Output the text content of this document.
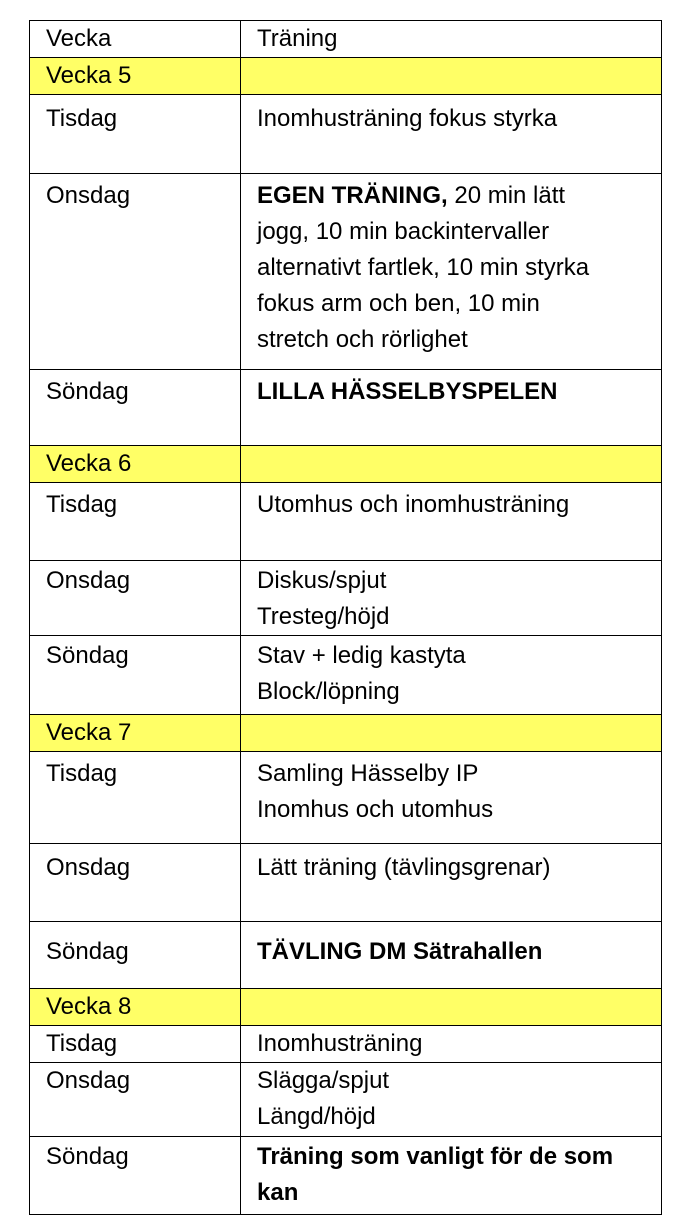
Vecka	Träning
Vecka 5	
Tisdag	Inomhusträning fokus styrka

Onsdag	EGEN TRÄNING, 20 min lätt
jogg, 10 min backintervaller
alternativt fartlek, 10 min styrka
fokus arm och ben, 10 min
stretch och rörlighet

Söndag	LILLA HÄSSELBYSPELEN

Vecka 6	
Tisdag	Utomhus och inomhusträning

Onsdag	Diskus/spjut
Tresteg/höjd

Söndag	Stav + ledig kastyta
Block/löpning

Vecka 7	
Tisdag	Samling Hässelby IP
Inomhus och utomhus

Onsdag	Lätt träning (tävlingsgrenar)

Söndag	TÄVLING DM Sätrahallen

Vecka 8	
Tisdag	Inomhusträning

Onsdag	Slägga/spjut
Längd/höjd

Söndag	Träning som vanligt för de som
kan
